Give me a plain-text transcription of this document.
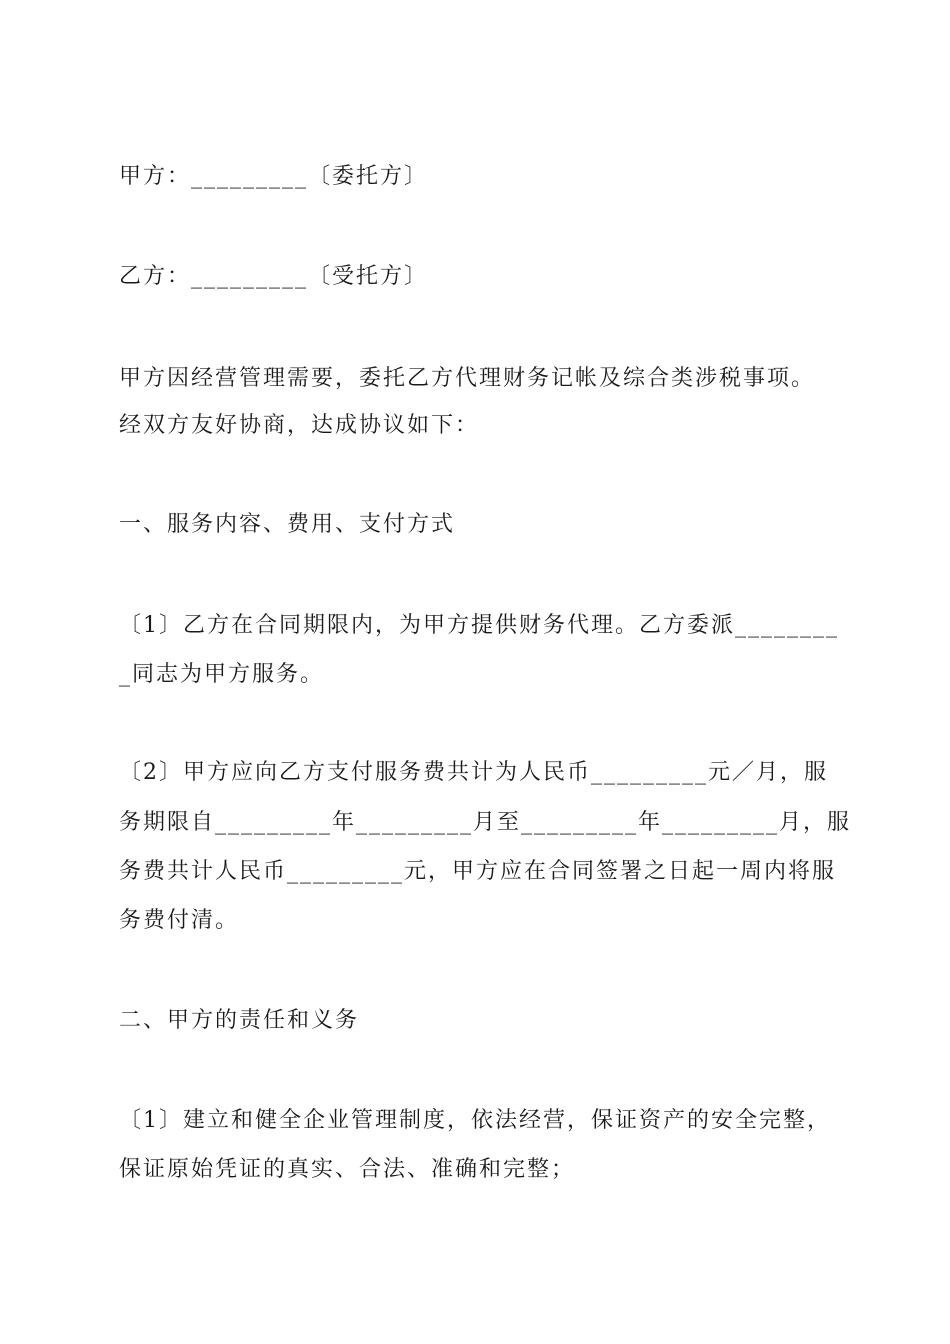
甲方：_________〔委托方〕
乙方：_________〔受托方〕
甲方因经营管理需要，委托乙方代理财务记帐及综合类涉税事项。
经双方友好协商，达成协议如下：
一、服务内容、费用、支付方式
〔1〕乙方在合同期限内，为甲方提供财务代理。乙方委派________
_同志为甲方服务。
〔2〕甲方应向乙方支付服务费共计为人民币_________元／月，服
务期限自_________年_________月至_________年_________月，服
务费共计人民币_________元，甲方应在合同签署之日起一周内将服
务费付清。
二、甲方的责任和义务
〔1〕建立和健全企业管理制度，依法经营，保证资产的安全完整，
保证原始凭证的真实、合法、准确和完整；
